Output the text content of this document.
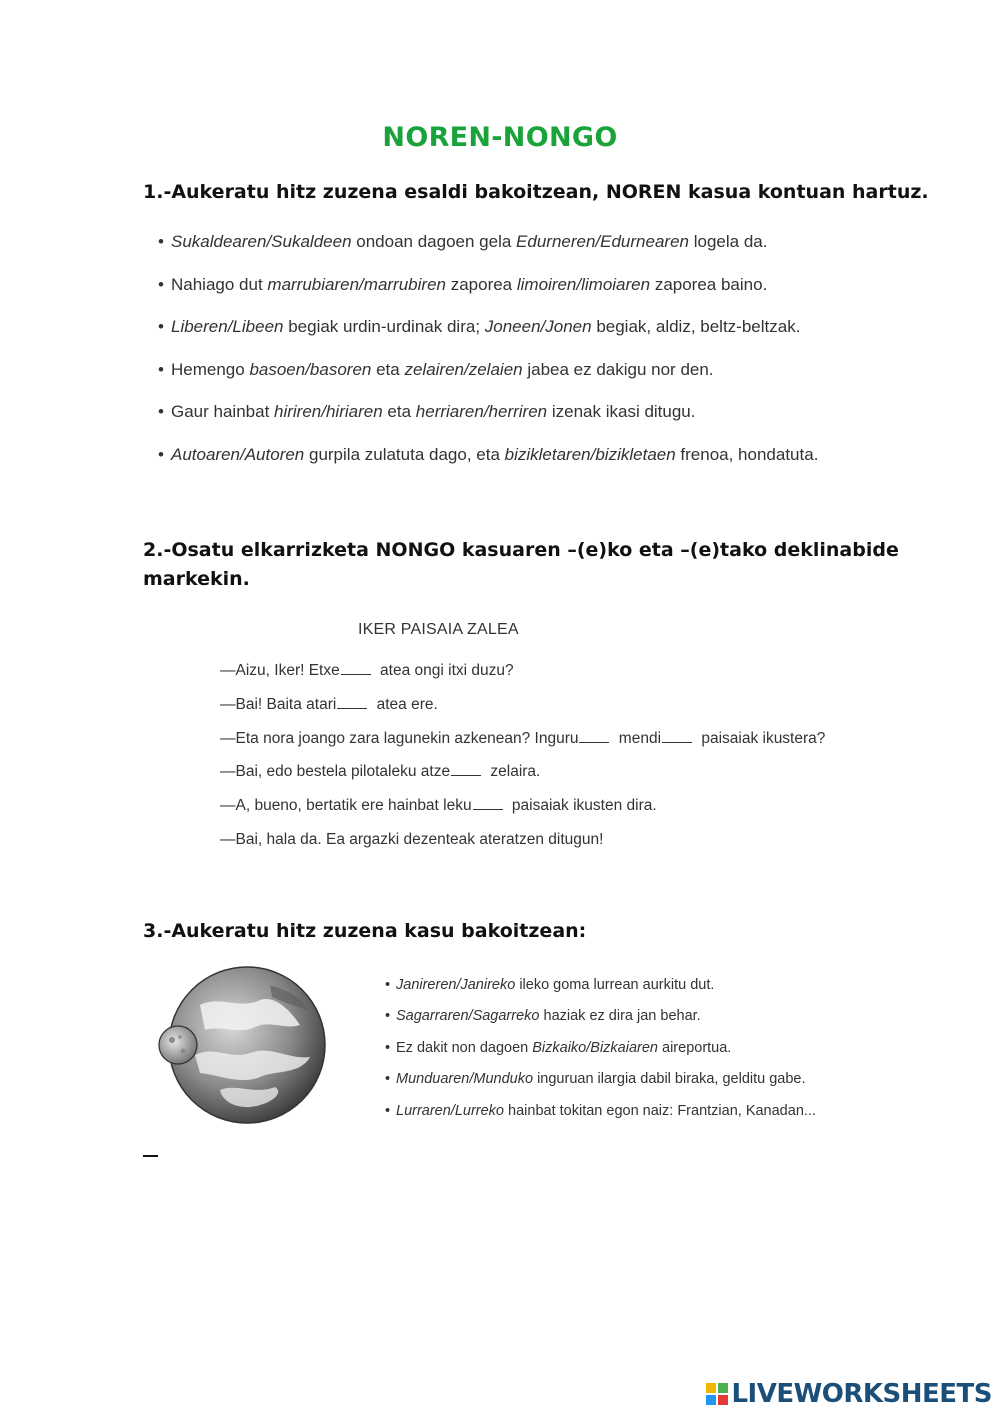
NOREN-NONGO
1.-Aukeratu hitz zuzena esaldi bakoitzean, NOREN kasua kontuan hartuz.
• Sukaldearen/Sukaldeen ondoan dagoen gela Edurneren/Edurnearen logela da.
• Nahiago dut marrubiaren/marrubiren zaporea limoiren/limoiaren zaporea baino.
• Liberen/Libeen begiak urdin-urdinak dira; Joneen/Jonen begiak, aldiz, beltz-beltzak.
• Hemengo basoen/basoren eta zelairen/zelaien jabea ez dakigu nor den.
• Gaur hainbat hiriren/hiriaren eta herriaren/herriren izenak ikasi ditugu.
• Autoaren/Autoren gurpila zulatuta dago, eta bizikletaren/bizikletaen frenoa, hondatuta.
2.-Osatu elkarrizketa NONGO kasuaren –(e)ko eta –(e)tako deklinabide
markekin.
IKER PAISAIA ZALEA
—Aizu, Iker! Etxe atea ongi itxi duzu?
—Bai! Baita atari atea ere.
—Eta nora joango zara lagunekin azkenean? Inguru mendi paisaiak ikustera?
—Bai, edo bestela pilotaleku atze zelaira.
—A, bueno, bertatik ere hainbat leku paisaiak ikusten dira.
—Bai, hala da. Ea argazki dezenteak ateratzen ditugun!
3.-Aukeratu hitz zuzena kasu bakoitzean:
• Janireren/Janireko ileko goma lurrean aurkitu dut.
• Sagarraren/Sagarreko haziak ez dira jan behar.
• Ez dakit non dagoen Bizkaiko/Bizkaiaren aireportua.
• Munduaren/Munduko inguruan ilargia dabil biraka, gelditu gabe.
• Lurraren/Lurreko hainbat tokitan egon naiz: Frantzian, Kanadan...
LIVEWORKSHEETS
